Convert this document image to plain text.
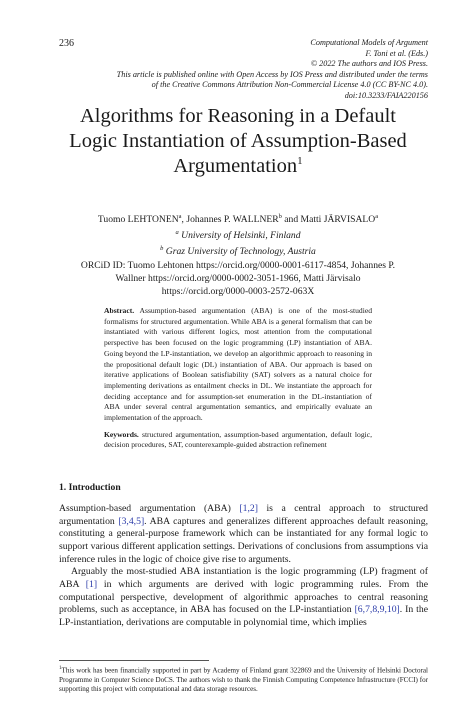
236	Computational Models of Argument
F. Toni et al. (Eds.)
© 2022 The authors and IOS Press.
This article is published online with Open Access by IOS Press and distributed under the terms
of the Creative Commons Attribution Non-Commercial License 4.0 (CC BY-NC 4.0).
doi:10.3233/FAIA220156
Algorithms for Reasoning in a Default
Logic Instantiation of Assumption-Based
Argumentation$^1$
Tuomo LEHTONEN$^a$, Johannes P. WALLNER$^b$ and Matti JÄRVISALO$^a$
$^a$ University of Helsinki, Finland
$^b$ Graz University of Technology, Austria
ORCiD ID: Tuomo Lehtonen https://orcid.org/0000-0001-6117-4854, Johannes P.
Wallner https://orcid.org/0000-0002-3051-1966, Matti Järvisalo
https://orcid.org/0000-0003-2572-063X
Abstract. Assumption-based argumentation (ABA) is one of the most-studied formalisms for structured argumentation. While ABA is a general formalism that can be instantiated with various different logics, most attention from the computational perspective has been focused on the logic programming (LP) instantiation of ABA. Going beyond the LP-instantiation, we develop an algorithmic approach to reasoning in the propositional default logic (DL) instantiation of ABA. Our approach is based on iterative applications of Boolean satisfiability (SAT) solvers as a natural choice for implementing derivations as entailment checks in DL. We instantiate the approach for deciding acceptance and for assumption-set enumeration in the DL-instantiation of ABA under several central argumentation semantics, and empirically evaluate an implementation of the approach.
Keywords. structured argumentation, assumption-based argumentation, default logic, decision procedures, SAT, counterexample-guided abstraction refinement
1. Introduction

Assumption-based argumentation (ABA) [1,2] is a central approach to structured argumentation [3,4,5]. ABA captures and generalizes different approaches default reasoning, constituting a general-purpose framework which can be instantiated for any formal logic to support various different application settings. Derivations of conclusions from assumptions via inference rules in the logic of choice give rise to arguments.

Arguably the most-studied ABA instantiation is the logic programming (LP) fragment of ABA [1] in which arguments are derived with logic programming rules. From the computational perspective, development of algorithmic approaches to central reasoning problems, such as acceptance, in ABA has focused on the LP-instantiation [6,7,8,9,10]. In the LP-instantiation, derivations are computable in polynomial time, which implies

$^1$This work has been financially supported in part by Academy of Finland grant 322869 and the University of Helsinki Doctoral Programme in Computer Science DoCS. The authors wish to thank the Finnish Computing Competence Infrastructure (FCCI) for supporting this project with computational and data storage resources.
